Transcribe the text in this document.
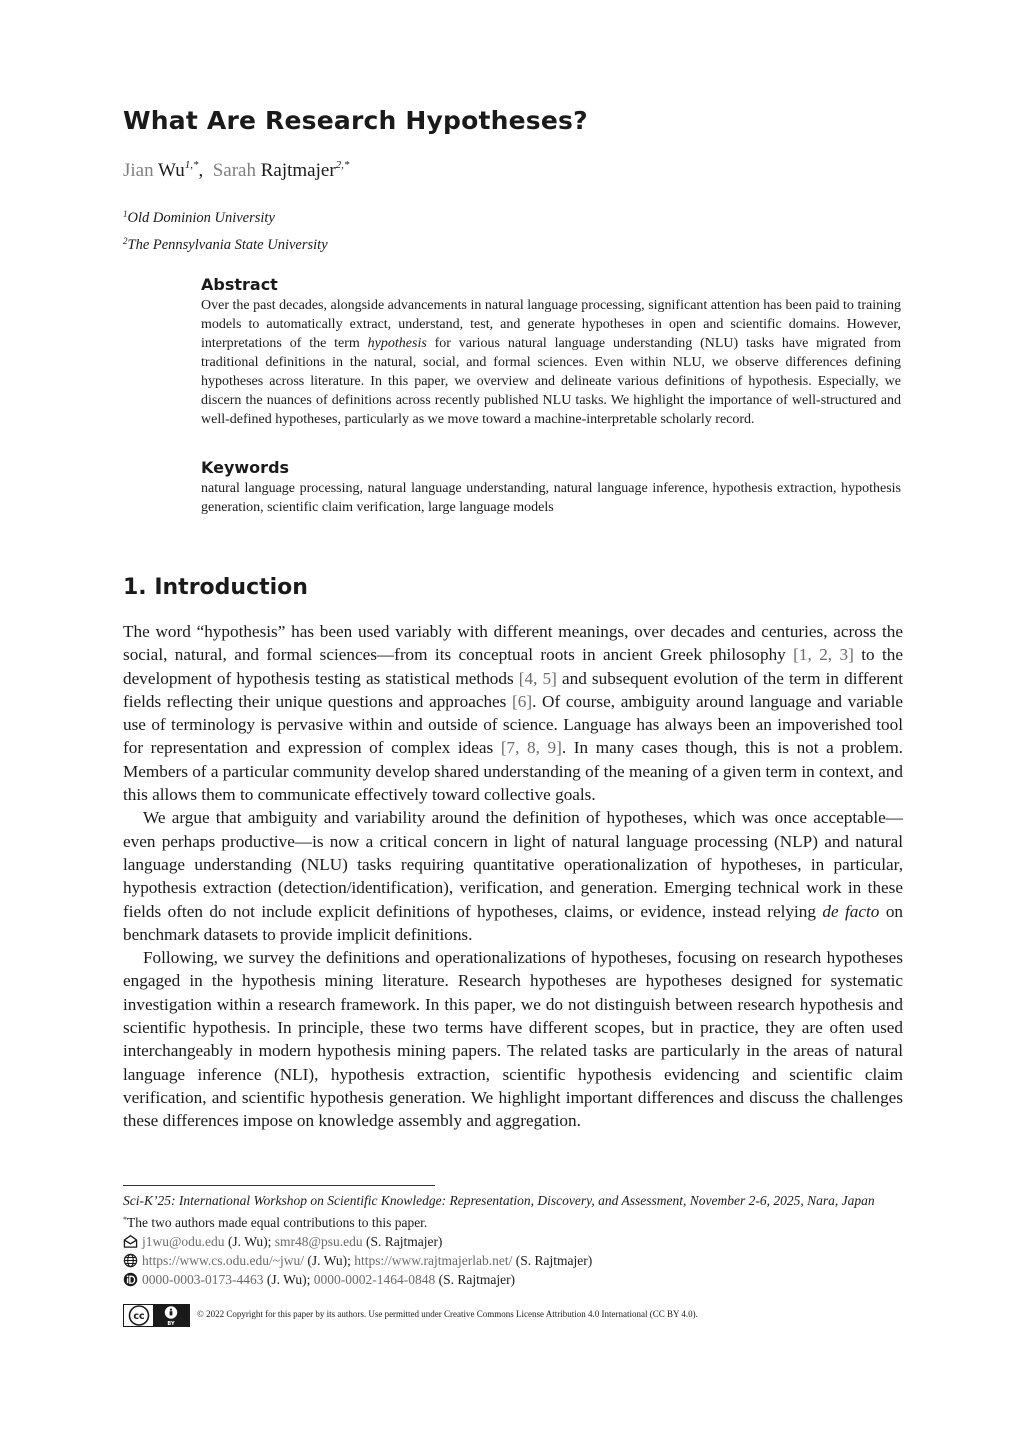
What Are Research Hypotheses?
Jian $Wu^{1,*}$,  Sarah Rajtmajer$^{2,*}$
$^1$Old Dominion University
$^2$The Pennsylvania State University
Abstract

Over the past decades, alongside advancements in natural language processing, significant attention has been paid to training models to automatically extract, understand, test, and generate hypotheses in open and scientific domains. However, interpretations of the term hypothesis for various natural language understanding (NLU) tasks have migrated from traditional definitions in the natural, social, and formal sciences. Even within NLU, we observe differences defining hypotheses across literature. In this paper, we overview and delineate various definitions of hypothesis. Especially, we discern the nuances of definitions across recently published NLU tasks. We highlight the importance of well-structured and well-defined hypotheses, particularly as we move toward a machine-interpretable scholarly record.

Keywords

natural language processing, natural language understanding, natural language inference, hypothesis extraction, hypothesis generation, scientific claim verification, large language models

1. Introduction

The word “hypothesis” has been used variably with different meanings, over decades and centuries, across the social, natural, and formal sciences—from its conceptual roots in ancient Greek philosophy [1, 2, 3] to the development of hypothesis testing as statistical methods [4, 5] and subsequent evolution of the term in different fields reflecting their unique questions and approaches [6]. Of course, ambiguity around language and variable use of terminology is pervasive within and outside of science. Language has always been an impoverished tool for representation and expression of complex ideas [7, 8, 9]. In many cases though, this is not a problem. Members of a particular community develop shared understanding of the meaning of a given term in context, and this allows them to communicate effectively toward collective goals.

We argue that ambiguity and variability around the definition of hypotheses, which was once acceptable—even perhaps productive—is now a critical concern in light of natural language processing (NLP) and natural language understanding (NLU) tasks requiring quantitative operationalization of hypotheses, in particular, hypothesis extraction (detection/identification), verification, and generation. Emerging technical work in these fields often do not include explicit definitions of hypotheses, claims, or evidence, instead relying de facto on benchmark datasets to provide implicit definitions.

Following, we survey the definitions and operationalizations of hypotheses, focusing on research hypotheses engaged in the hypothesis mining literature. Research hypotheses are hypotheses designed for systematic investigation within a research framework. In this paper, we do not distinguish between research hypothesis and scientific hypothesis. In principle, these two terms have different scopes, but in practice, they are often used interchangeably in modern hypothesis mining papers. The related tasks are particularly in the areas of natural language inference (NLI), hypothesis extraction, scientific hypothesis evidencing and scientific claim verification, and scientific hypothesis generation. We highlight important differences and discuss the challenges these differences impose on knowledge assembly and aggregation.

Sci-K’25: International Workshop on Scientific Knowledge: Representation, Discovery, and Assessment, November 2-6, 2025, Nara, Japan
*The two authors made equal contributions to this paper.
j1wu@odu.edu (J. Wu); smr48@psu.edu (S. Rajtmajer)
https://www.cs.odu.edu/~jwu/ (J. Wu); https://www.rajtmajerlab.net/ (S. Rajtmajer)
0000-0003-0173-4463 (J. Wu); 0000-0002-1464-0848 (S. Rajtmajer)
cc
BY
© 2022 Copyright for this paper by its authors. Use permitted under Creative Commons License Attribution 4.0 International (CC BY 4.0).
